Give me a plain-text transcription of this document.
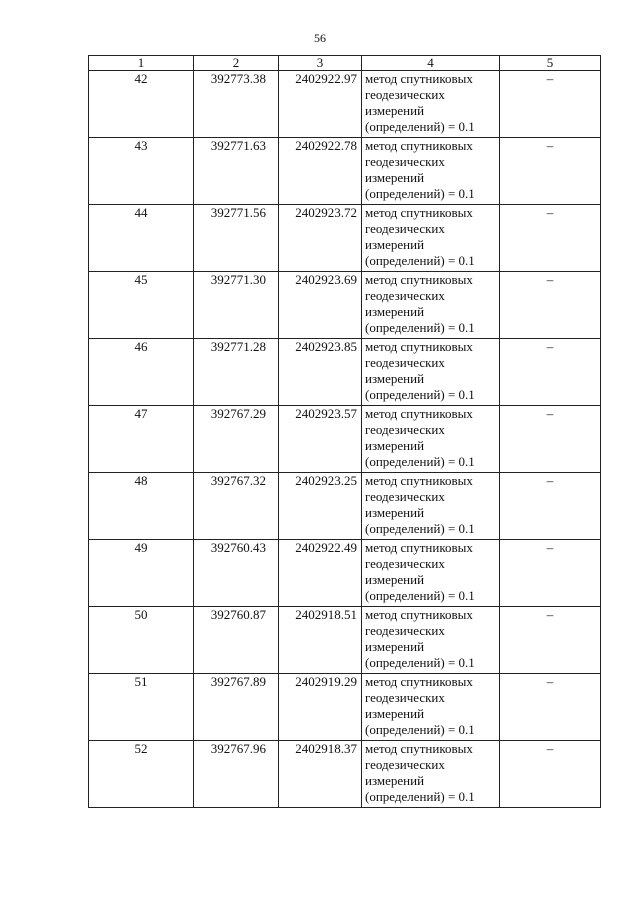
56
1	2	3	4	5
42	392773.38	2402922.97	метод спутниковых
геодезических
измерений
(определений) = 0.1	–
43	392771.63	2402922.78	метод спутниковых
геодезических
измерений
(определений) = 0.1	–
44	392771.56	2402923.72	метод спутниковых
геодезических
измерений
(определений) = 0.1	–
45	392771.30	2402923.69	метод спутниковых
геодезических
измерений
(определений) = 0.1	–
46	392771.28	2402923.85	метод спутниковых
геодезических
измерений
(определений) = 0.1	–
47	392767.29	2402923.57	метод спутниковых
геодезических
измерений
(определений) = 0.1	–
48	392767.32	2402923.25	метод спутниковых
геодезических
измерений
(определений) = 0.1	–
49	392760.43	2402922.49	метод спутниковых
геодезических
измерений
(определений) = 0.1	–
50	392760.87	2402918.51	метод спутниковых
геодезических
измерений
(определений) = 0.1	–
51	392767.89	2402919.29	метод спутниковых
геодезических
измерений
(определений) = 0.1	–
52	392767.96	2402918.37	метод спутниковых
геодезических
измерений
(определений) = 0.1	–
